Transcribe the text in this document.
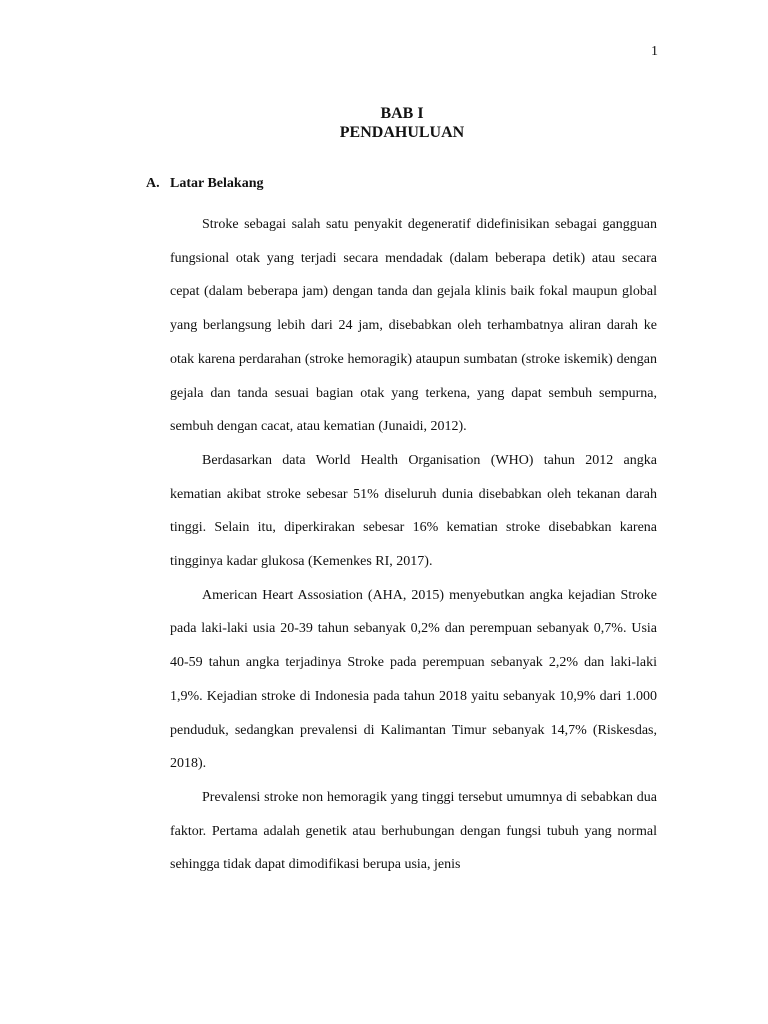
1
BAB I
PENDAHULUAN
A. Latar Belakang

Stroke sebagai salah satu penyakit degeneratif didefinisikan sebagai gangguan fungsional otak yang terjadi secara mendadak (dalam beberapa detik) atau secara cepat (dalam beberapa jam) dengan tanda dan gejala klinis baik fokal maupun global yang berlangsung lebih dari 24 jam, disebabkan oleh terhambatnya aliran darah ke otak karena perdarahan (stroke hemoragik) ataupun sumbatan (stroke iskemik) dengan gejala dan tanda sesuai bagian otak yang terkena, yang dapat sembuh sempurna, sembuh dengan cacat, atau kematian (Junaidi, 2012).

Berdasarkan data World Health Organisation (WHO) tahun 2012 angka kematian akibat stroke sebesar 51% diseluruh dunia disebabkan oleh tekanan darah tinggi. Selain itu, diperkirakan sebesar 16% kematian stroke disebabkan karena tingginya kadar glukosa (Kemenkes RI, 2017).

American Heart Assosiation (AHA, 2015) menyebutkan angka kejadian Stroke pada laki-laki usia 20-39 tahun sebanyak 0,2% dan perempuan sebanyak 0,7%. Usia 40-59 tahun angka terjadinya Stroke pada perempuan sebanyak 2,2% dan laki-laki 1,9%. Kejadian stroke di Indonesia pada tahun 2018 yaitu sebanyak 10,9% dari 1.000 penduduk, sedangkan prevalensi di Kalimantan Timur sebanyak 14,7% (Riskesdas, 2018).

Prevalensi stroke non hemoragik yang tinggi tersebut umumnya di sebabkan dua faktor. Pertama adalah genetik atau berhubungan dengan fungsi tubuh yang normal sehingga tidak dapat dimodifikasi berupa usia, jenis
